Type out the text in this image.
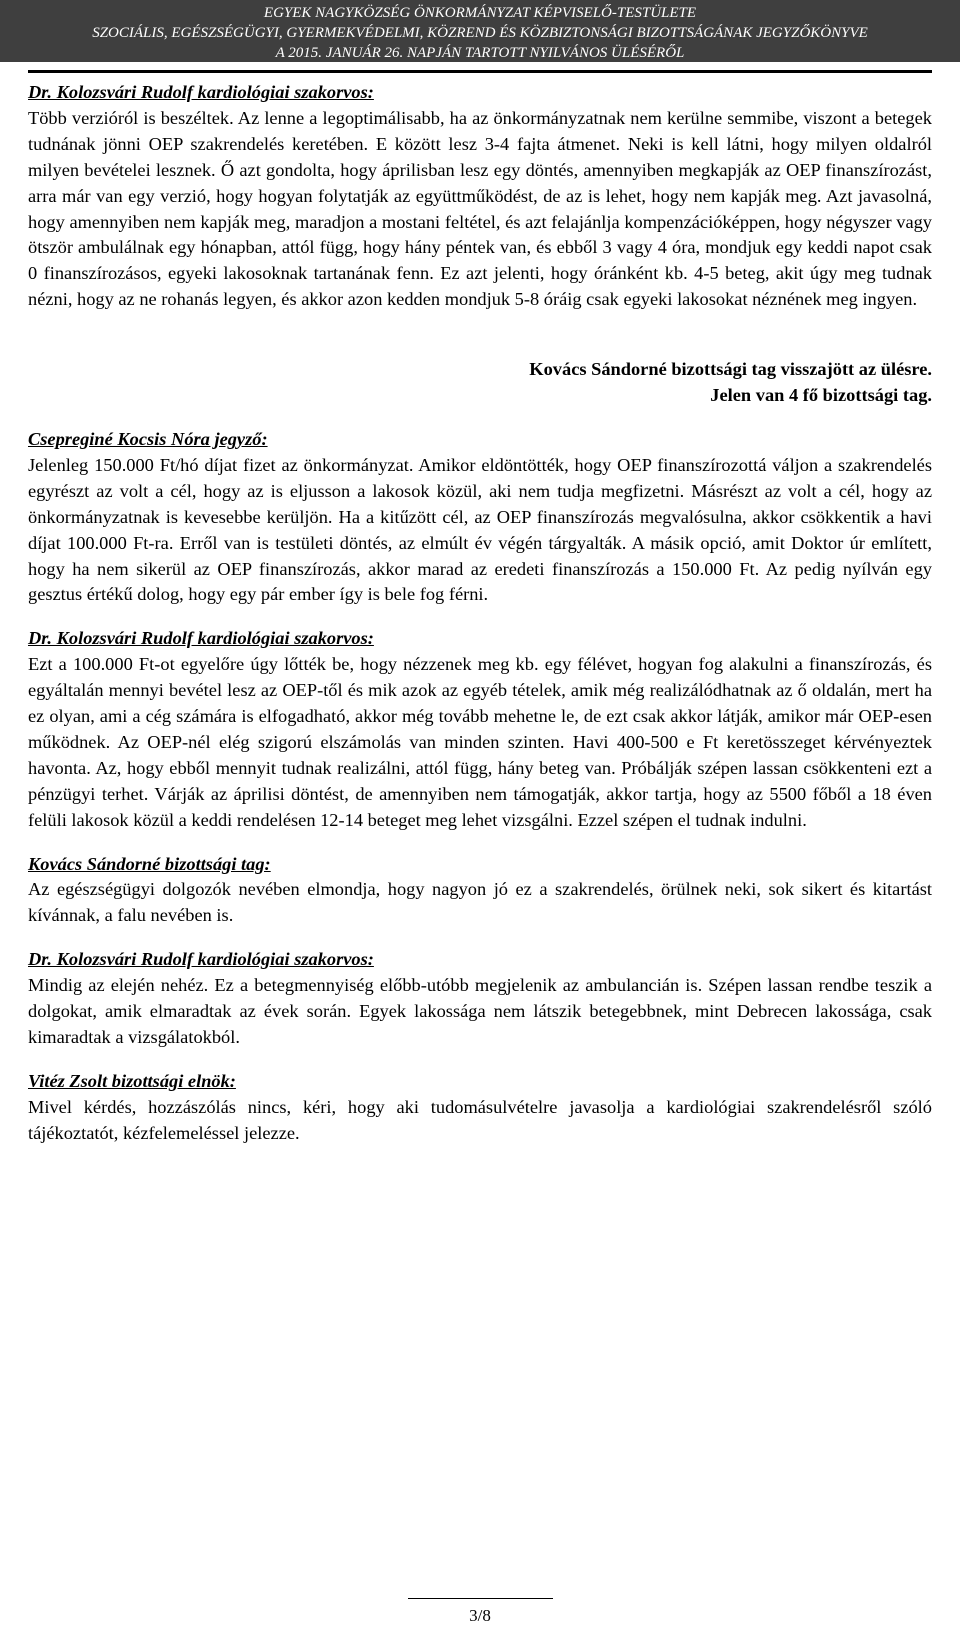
EGYEK NAGYKÖZSÉG ÖNKORMÁNYZAT KÉPVISELŐ-TESTÜLETE
SZOCIÁLIS, EGÉSZSÉGÜGYI, GYERMEKVÉDELMI, KÖZREND ÉS KÖZBIZTONSÁGI BIZOTTSÁGÁNAK JEGYZŐKÖNYVE
A 2015. JANUÁR 26. NAPJÁN TARTOTT NYILVÁNOS ÜLÉSÉRŐL

Dr. Kolozsvári Rudolf kardiológiai szakorvos:

Több verzióról is beszéltek. Az lenne a legoptimálisabb, ha az önkormányzatnak nem kerülne semmibe, viszont a betegek tudnának jönni OEP szakrendelés keretében. E között lesz 3-4 fajta átmenet. Neki is kell látni, hogy milyen oldalról milyen bevételei lesznek. Ő azt gondolta, hogy áprilisban lesz egy döntés, amennyiben megkapják az OEP finanszírozást, arra már van egy verzió, hogy hogyan folytatják az együttműködést, de az is lehet, hogy nem kapják meg. Azt javasolná, hogy amennyiben nem kapják meg, maradjon a mostani feltétel, és azt felajánlja kompenzációképpen, hogy négyszer vagy ötször ambulálnak egy hónapban, attól függ, hogy hány péntek van, és ebből 3 vagy 4 óra, mondjuk egy keddi napot csak 0 finanszírozásos, egyeki lakosoknak tartanának fenn. Ez azt jelenti, hogy óránként kb. 4-5 beteg, akit úgy meg tudnak nézni, hogy az ne rohanás legyen, és akkor azon kedden mondjuk 5-8 óráig csak egyeki lakosokat néznének meg ingyen.

Kovács Sándorné bizottsági tag visszajött az ülésre.

Jelen van 4 fő bizottsági tag.

Csepreginé Kocsis Nóra jegyző:

Jelenleg 150.000 Ft/hó díjat fizet az önkormányzat. Amikor eldöntötték, hogy OEP finanszírozottá váljon a szakrendelés egyrészt az volt a cél, hogy az is eljusson a lakosok közül, aki nem tudja megfizetni. Másrészt az volt a cél, hogy az önkormányzatnak is kevesebbe kerüljön. Ha a kitűzött cél, az OEP finanszírozás megvalósulna, akkor csökkentik a havi díjat 100.000 Ft-ra. Erről van is testületi döntés, az elmúlt év végén tárgyalták. A másik opció, amit Doktor úr említett, hogy ha nem sikerül az OEP finanszírozás, akkor marad az eredeti finanszírozás a 150.000 Ft. Az pedig nyílván egy gesztus értékű dolog, hogy egy pár ember így is bele fog férni.

Dr. Kolozsvári Rudolf kardiológiai szakorvos:

Ezt a 100.000 Ft-ot egyelőre úgy lőtték be, hogy nézzenek meg kb. egy félévet, hogyan fog alakulni a finanszírozás, és egyáltalán mennyi bevétel lesz az OEP-től és mik azok az egyéb tételek, amik még realizálódhatnak az ő oldalán, mert ha ez olyan, ami a cég számára is elfogadható, akkor még tovább mehetne le, de ezt csak akkor látják, amikor már OEP-esen működnek. Az OEP-nél elég szigorú elszámolás van minden szinten. Havi 400-500 e Ft keretösszeget kérvényeztek havonta. Az, hogy ebből mennyit tudnak realizálni, attól függ, hány beteg van. Próbálják szépen lassan csökkenteni ezt a pénzügyi terhet. Várják az áprilisi döntést, de amennyiben nem támogatják, akkor tartja, hogy az 5500 főből a 18 éven felüli lakosok közül a keddi rendelésen 12-14 beteget meg lehet vizsgálni. Ezzel szépen el tudnak indulni.

Kovács Sándorné bizottsági tag:

Az egészségügyi dolgozók nevében elmondja, hogy nagyon jó ez a szakrendelés, örülnek neki, sok sikert és kitartást kívánnak, a falu nevében is.

Dr. Kolozsvári Rudolf kardiológiai szakorvos:

Mindig az elején nehéz. Ez a betegmennyiség előbb-utóbb megjelenik az ambulancián is. Szépen lassan rendbe teszik a dolgokat, amik elmaradtak az évek során. Egyek lakossága nem látszik betegebbnek, mint Debrecen lakossága, csak kimaradtak a vizsgálatokból.

Vitéz Zsolt bizottsági elnök:

Mivel kérdés, hozzászólás nincs, kéri, hogy aki tudomásulvételre javasolja a kardiológiai szakrendelésről szóló tájékoztatót, kézfelemeléssel jelezze.

3/8
